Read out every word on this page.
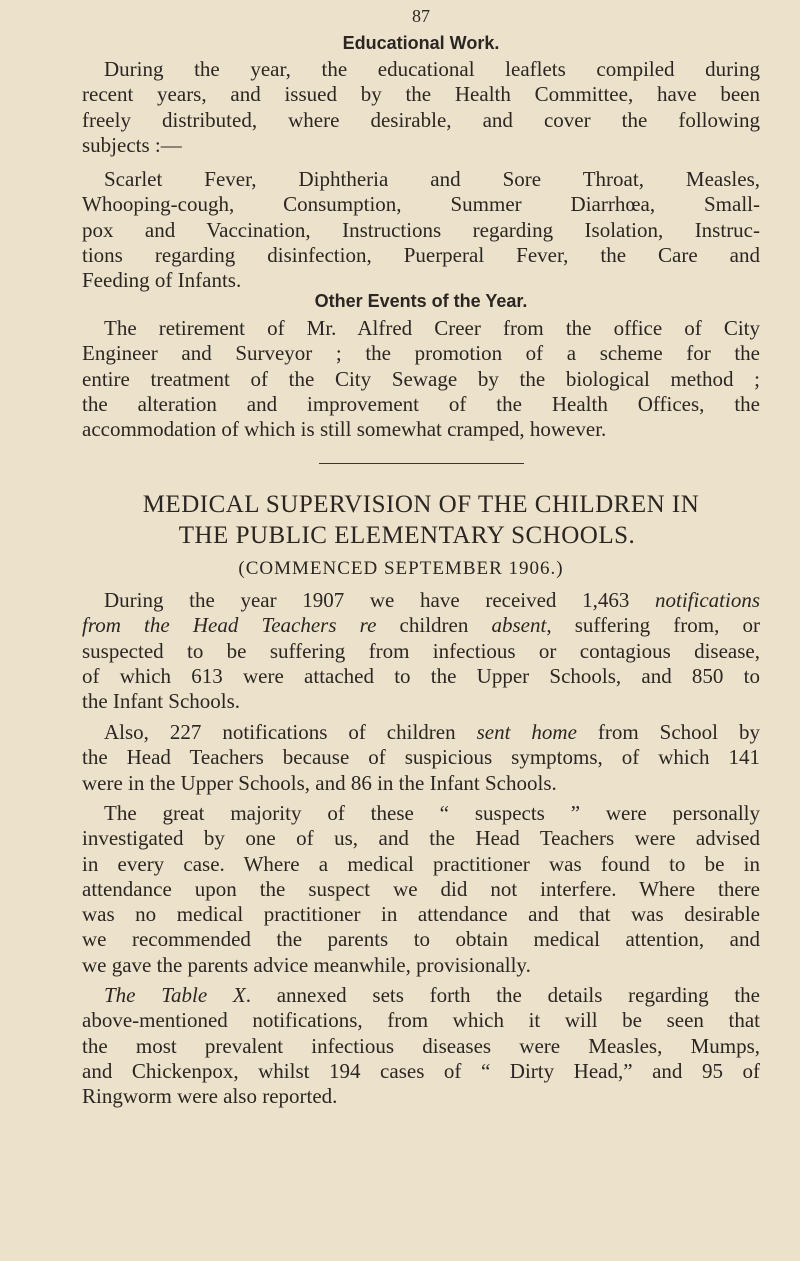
87
Educational Work.
During the year, the educational leaflets compiled during
recent years, and issued by the Health Committee, have been
freely distributed, where desirable, and cover the following
subjects :—
Scarlet Fever, Diphtheria and Sore Throat, Measles,
Whooping-cough, Consumption, Summer Diarrhœa, Small-
pox and Vaccination, Instructions regarding Isolation, Instruc-
tions regarding disinfection, Puerperal Fever, the Care and
Feeding of Infants.
Other Events of the Year.
The retirement of Mr. Alfred Creer from the office of City
Engineer and Surveyor ; the promotion of a scheme for the
entire treatment of the City Sewage by the biological method ;
the alteration and improvement of the Health Offices, the
accommodation of which is still somewhat cramped, however.
MEDICAL SUPERVISION OF THE CHILDREN IN
THE PUBLIC ELEMENTARY SCHOOLS.
(COMMENCED SEPTEMBER 1906.)
During the year 1907 we have received 1,463 notifications
from the Head Teachers re children absent, suffering from, or
suspected to be suffering from infectious or contagious disease,
of which 613 were attached to the Upper Schools, and 850 to
the Infant Schools.
Also, 227 notifications of children sent home from School by
the Head Teachers because of suspicious symptoms, of which 141
were in the Upper Schools, and 86 in the Infant Schools.
The great majority of these “ suspects ” were personally
investigated by one of us, and the Head Teachers were advised
in every case. Where a medical practitioner was found to be in
attendance upon the suspect we did not interfere. Where there
was no medical practitioner in attendance and that was desirable
we recommended the parents to obtain medical attention, and
we gave the parents advice meanwhile, provisionally.
The Table X. annexed sets forth the details regarding the
above-mentioned notifications, from which it will be seen that
the most prevalent infectious diseases were Measles, Mumps,
and Chickenpox, whilst 194 cases of “ Dirty Head,” and 95 of
Ringworm were also reported.
